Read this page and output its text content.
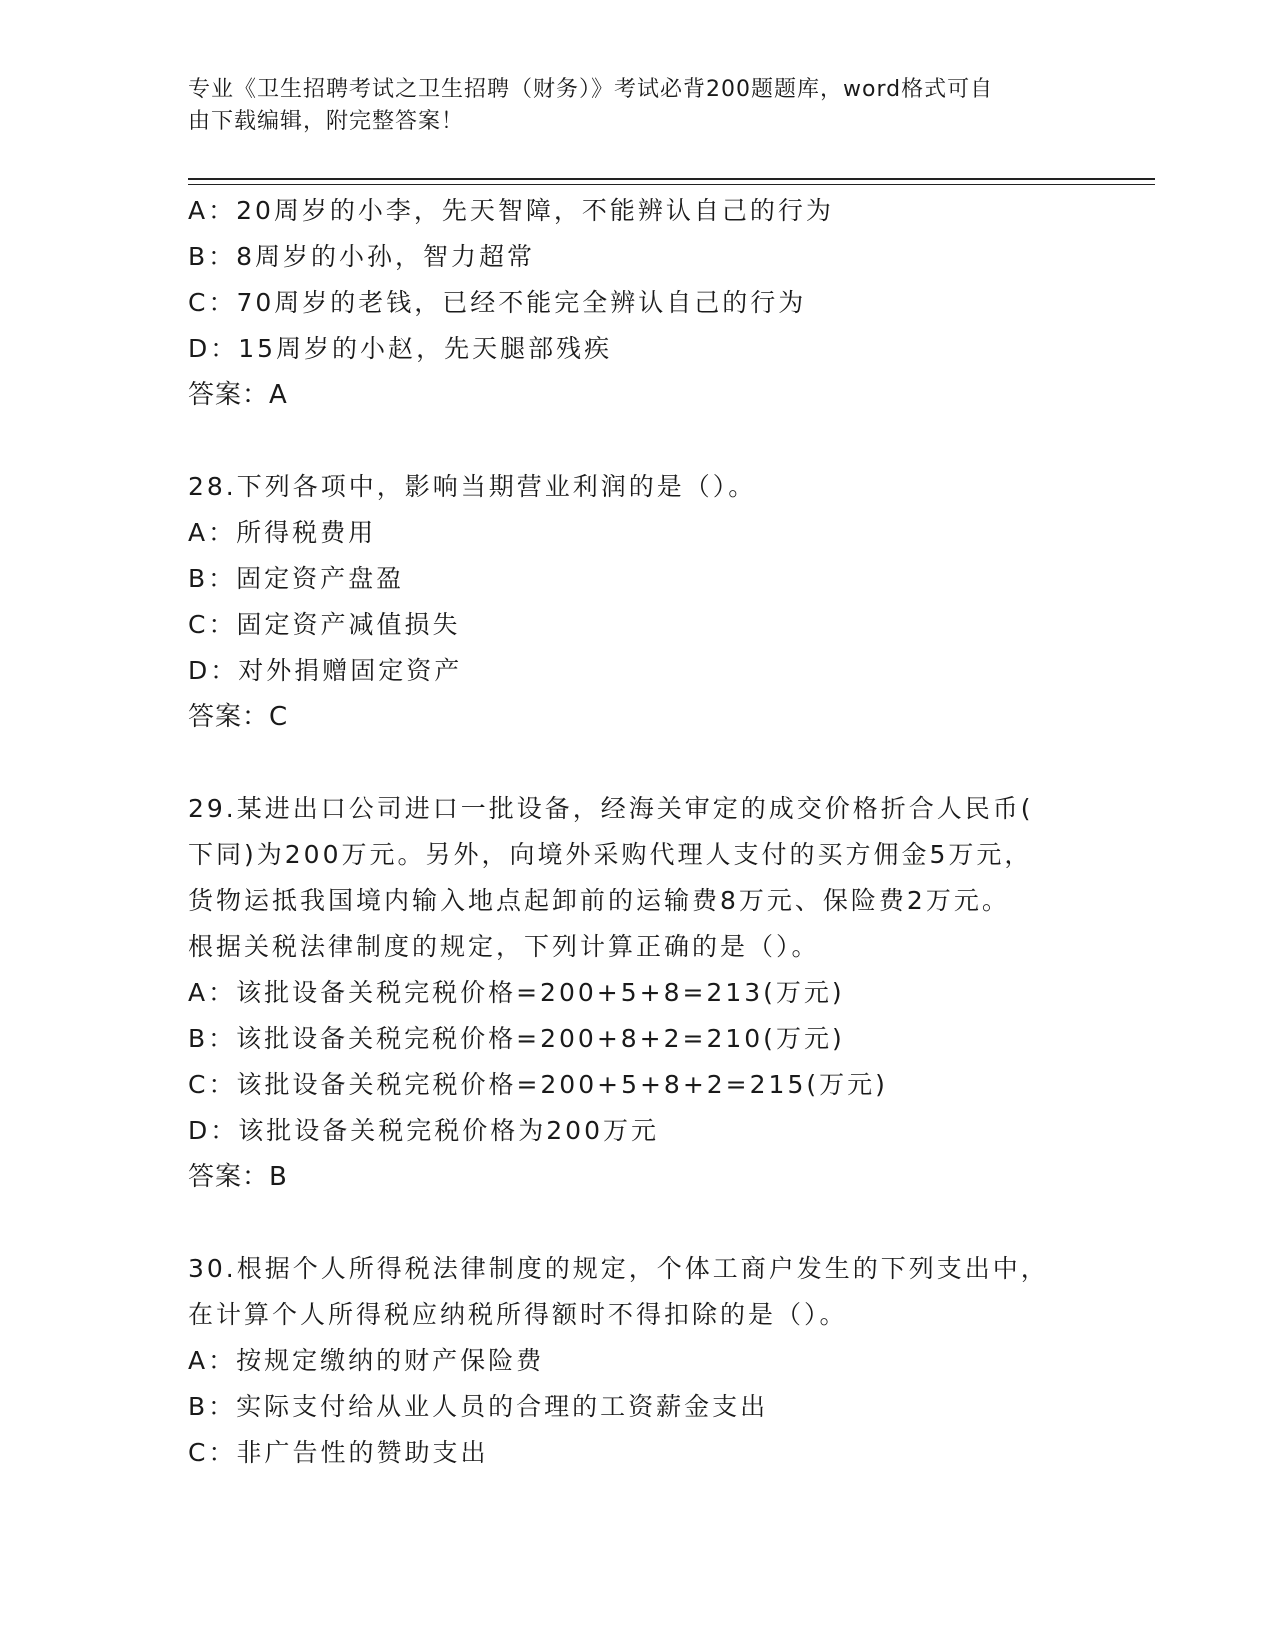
专业《卫生招聘考试之卫生招聘（财务）》考试必背200题题库，word格式可自
由下载编辑，附完整答案！
A：20周岁的小李，先天智障，不能辨认自己的行为
B：8周岁的小孙，智力超常
C：70周岁的老钱，已经不能完全辨认自己的行为
D：15周岁的小赵，先天腿部残疾
答案：A
28.下列各项中，影响当期营业利润的是（）。
A：所得税费用
B：固定资产盘盈
C：固定资产减值损失
D：对外捐赠固定资产
答案：C
29.某进出口公司进口一批设备，经海关审定的成交价格折合人民币(
下同)为200万元。另外，向境外采购代理人支付的买方佣金5万元，
货物运抵我国境内输入地点起卸前的运输费8万元、保险费2万元。
根据关税法律制度的规定，下列计算正确的是（）。
A：该批设备关税完税价格=200+5+8=213(万元)
B：该批设备关税完税价格=200+8+2=210(万元)
C：该批设备关税完税价格=200+5+8+2=215(万元)
D：该批设备关税完税价格为200万元
答案：B
30.根据个人所得税法律制度的规定，个体工商户发生的下列支出中，
在计算个人所得税应纳税所得额时不得扣除的是（）。
A：按规定缴纳的财产保险费
B：实际支付给从业人员的合理的工资薪金支出
C：非广告性的赞助支出
